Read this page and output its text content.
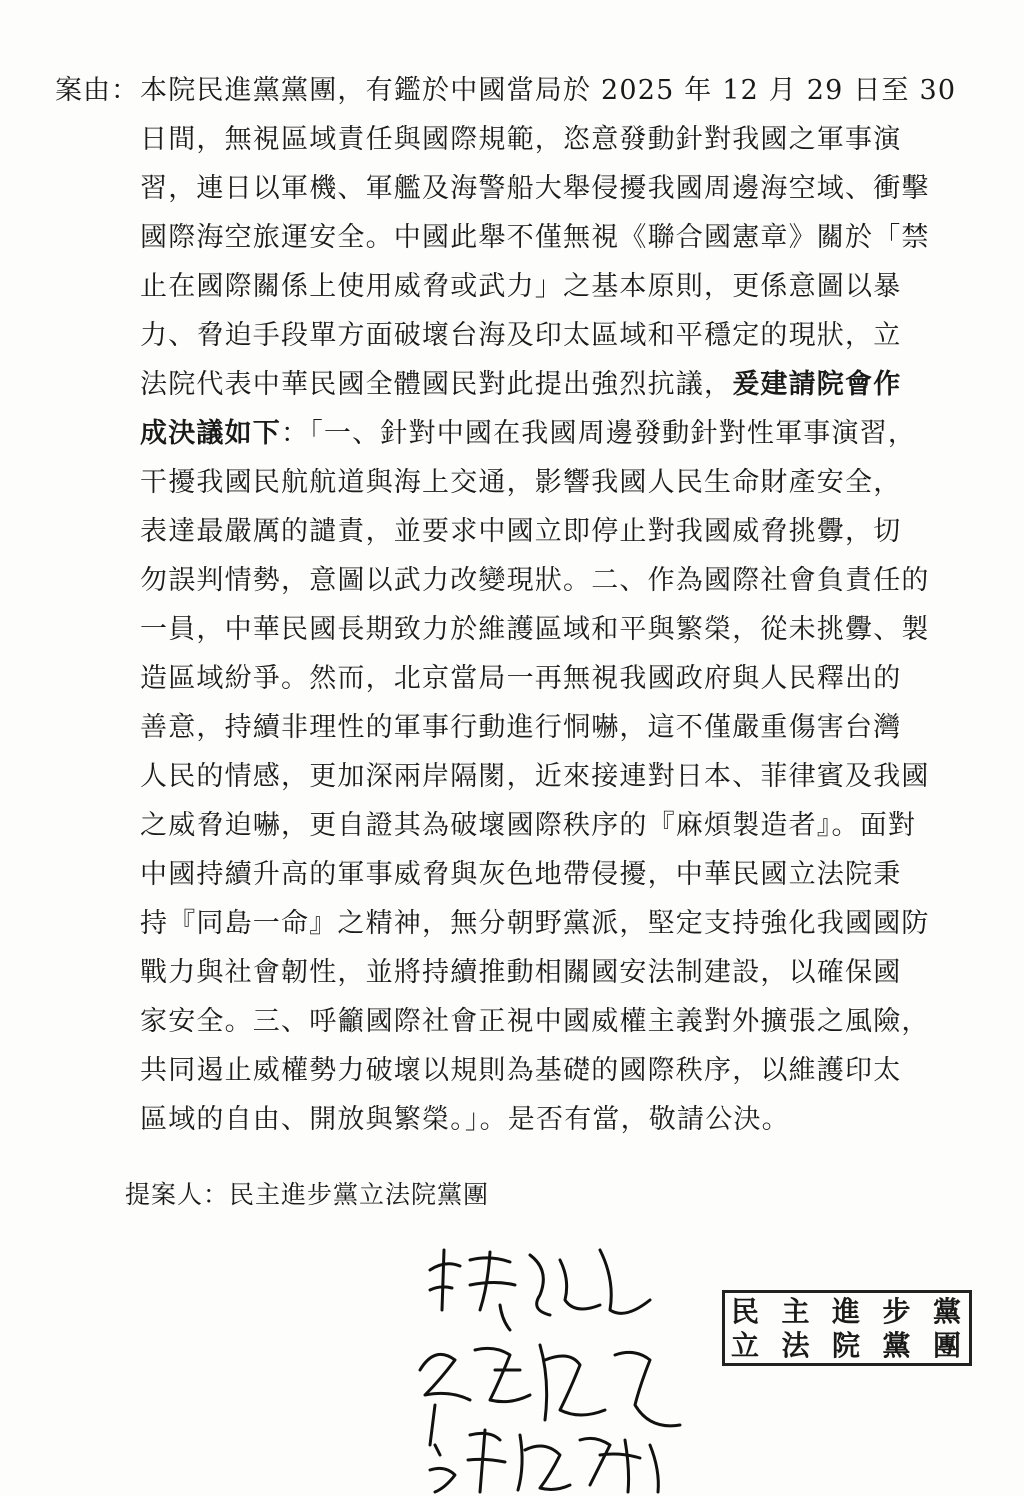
案由： 本院民進黨黨團，有鑑於中國當局於 2025 年 12 月 29 日至 30
日間，無視區域責任與國際規範，恣意發動針對我國之軍事演
習，連日以軍機、軍艦及海警船大舉侵擾我國周邊海空域、衝擊
國際海空旅運安全。中國此舉不僅無視《聯合國憲章》關於「禁
止在國際關係上使用威脅或武力」之基本原則，更係意圖以暴
力、脅迫手段單方面破壞台海及印太區域和平穩定的現狀，立
法院代表中華民國全體國民對此提出強烈抗議，爰建請院會作
成決議如下：「一、針對中國在我國周邊發動針對性軍事演習，
干擾我國民航航道與海上交通，影響我國人民生命財產安全，
表達最嚴厲的譴責，並要求中國立即停止對我國威脅挑釁，切
勿誤判情勢，意圖以武力改變現狀。二、作為國際社會負責任的
一員，中華民國長期致力於維護區域和平與繁榮，從未挑釁、製
造區域紛爭。然而，北京當局一再無視我國政府與人民釋出的
善意，持續非理性的軍事行動進行恫嚇，這不僅嚴重傷害台灣
人民的情感，更加深兩岸隔閡，近來接連對日本、菲律賓及我國
之威脅迫嚇，更自證其為破壞國際秩序的『麻煩製造者』。面對
中國持續升高的軍事威脅與灰色地帶侵擾，中華民國立法院秉
持『同島一命』之精神，無分朝野黨派，堅定支持強化我國國防
戰力與社會韌性，並將持續推動相關國安法制建設，以確保國
家安全。三、呼籲國際社會正視中國威權主義對外擴張之風險，
共同遏止威權勢力破壞以規則為基礎的國際秩序，以維護印太
區域的自由、開放與繁榮。」。是否有當，敬請公決。
提案人：民主進步黨立法院黨團
民 主 進 步 黨
立 法 院 黨 團
